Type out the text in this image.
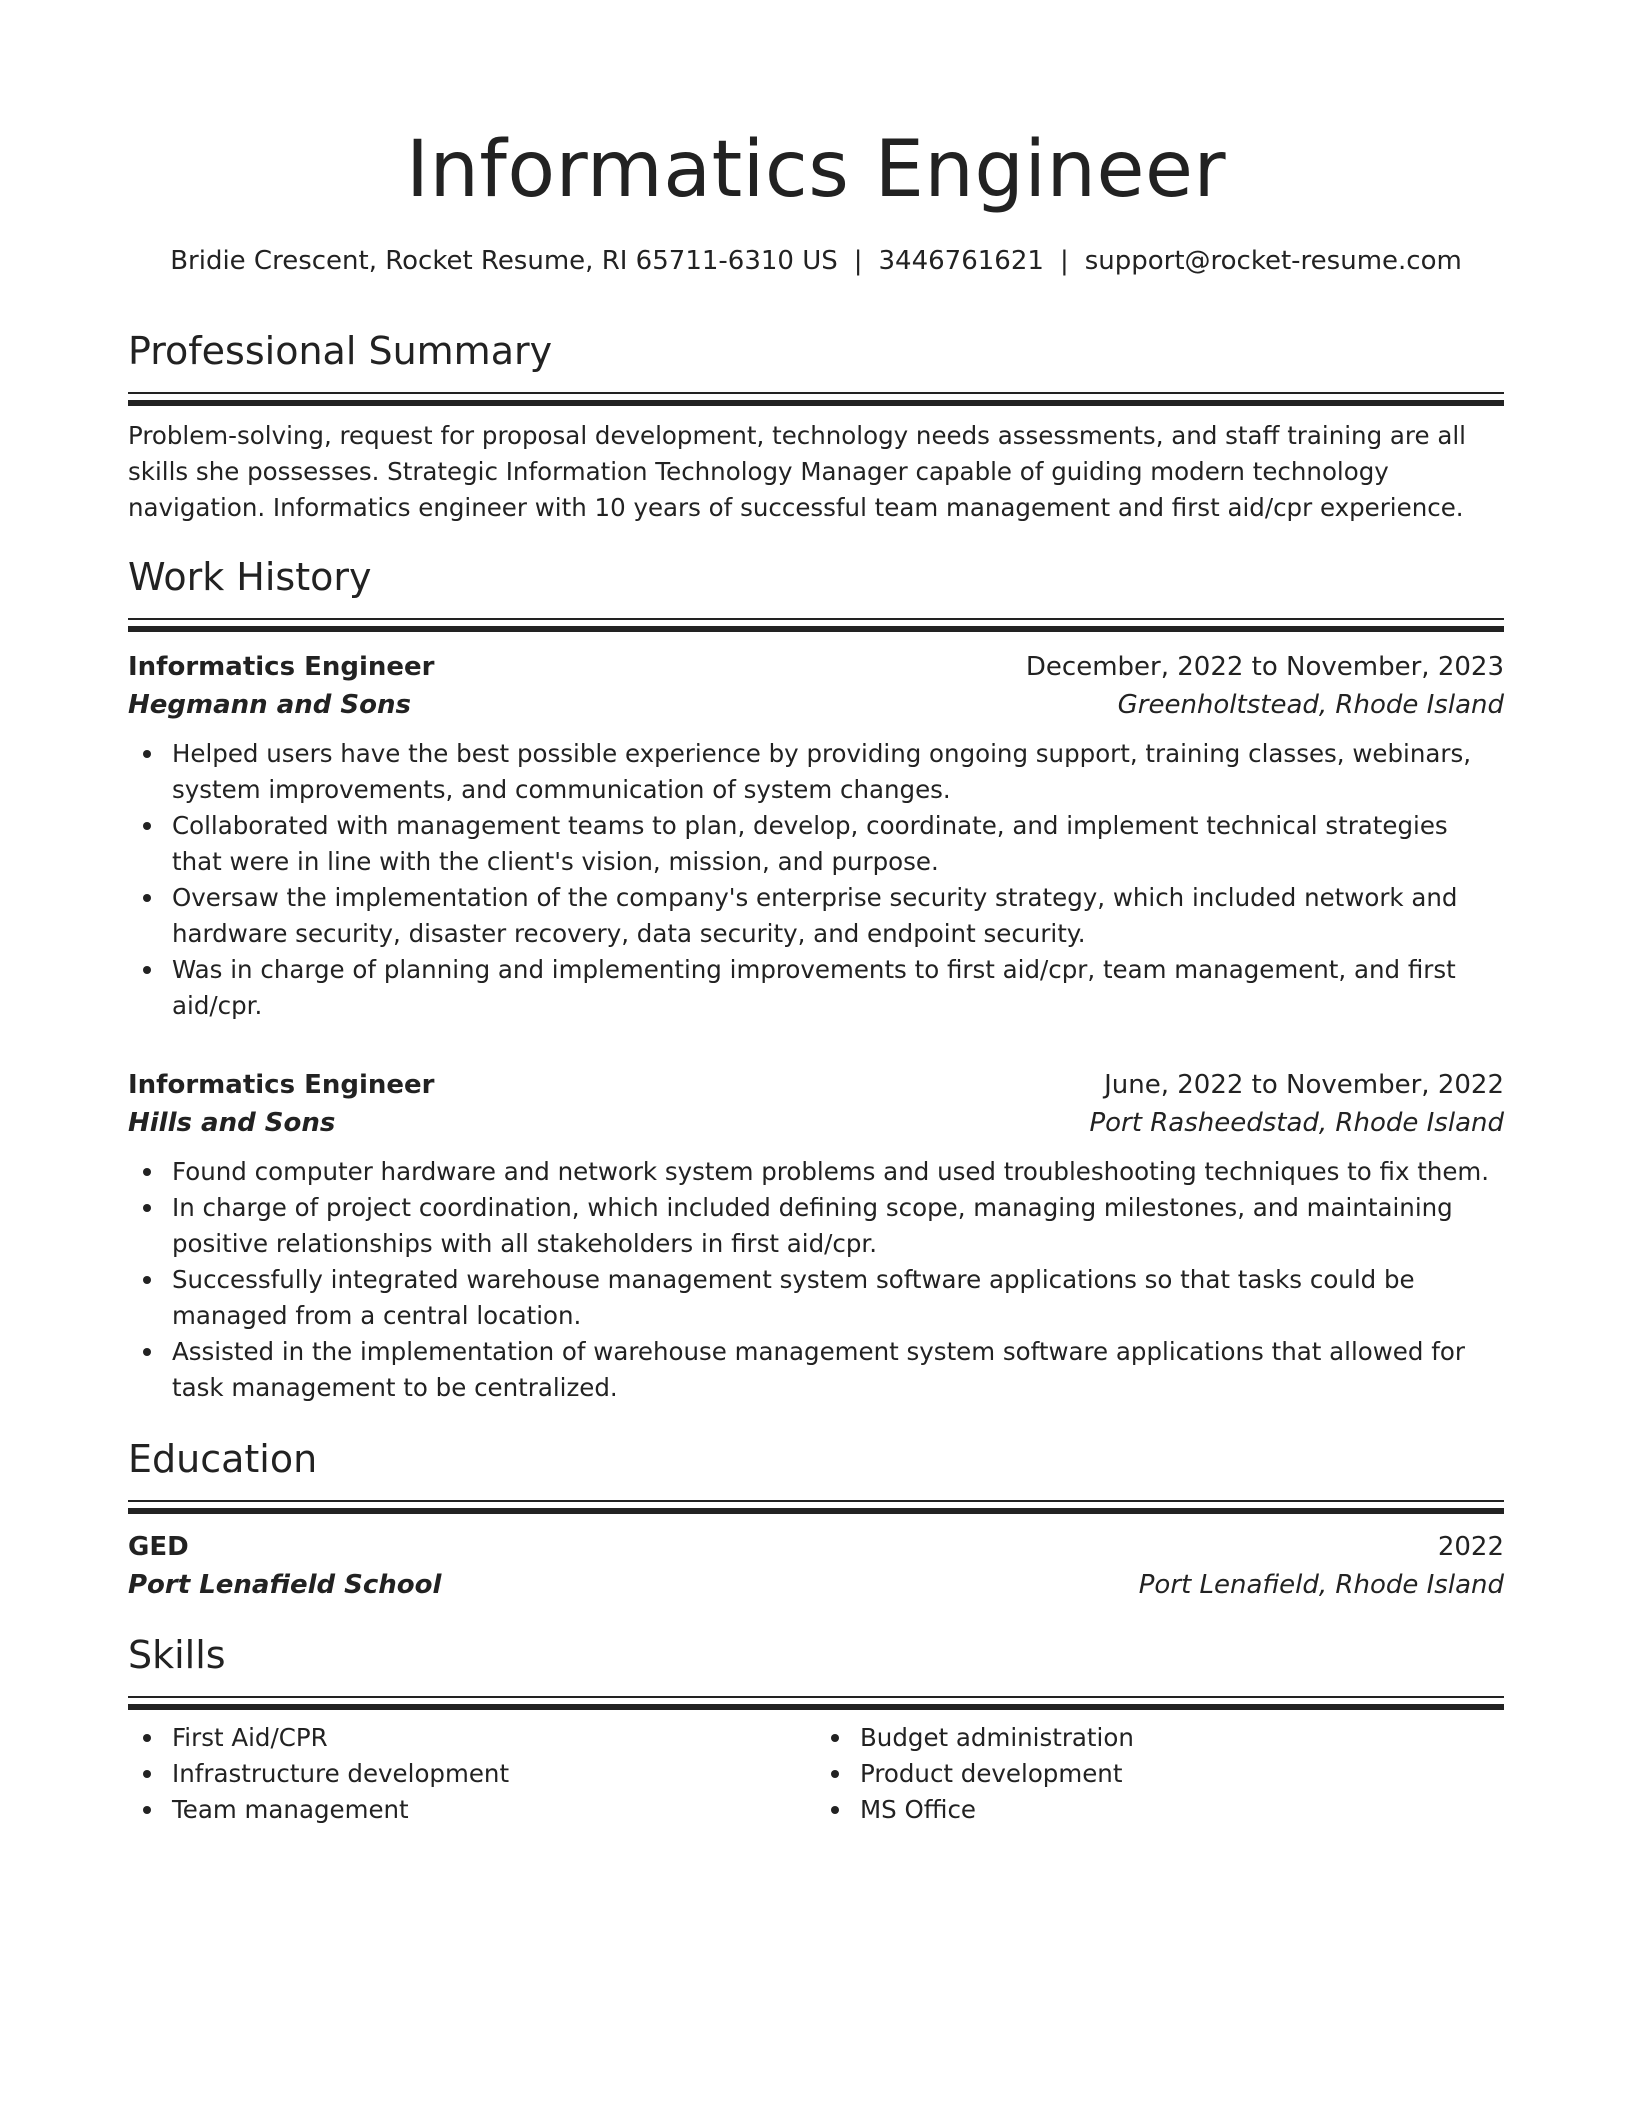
Informatics Engineer
Bridie Crescent, Rocket Resume, RI 65711-6310 US | 3446761621 | support@rocket-resume.com
Professional Summary

Problem-solving, request for proposal development, technology needs assessments, and staff training are all skills she possesses. Strategic Information Technology Manager capable of guiding modern technology navigation. Informatics engineer with 10 years of successful team management and first aid/cpr experience.

Work History
Informatics Engineer	December, 2022 to November, 2023
Hegmann and Sons	Greenholtstead, Rhode Island
Helped users have the best possible experience by providing ongoing support, training classes, webinars, system improvements, and communication of system changes.
Collaborated with management teams to plan, develop, coordinate, and implement technical strategies that were in line with the client's vision, mission, and purpose.
Oversaw the implementation of the company's enterprise security strategy, which included network and hardware security, disaster recovery, data security, and endpoint security.
Was in charge of planning and implementing improvements to first aid/cpr, team management, and first aid/cpr.
Informatics Engineer	June, 2022 to November, 2022
Hills and Sons	Port Rasheedstad, Rhode Island
Found computer hardware and network system problems and used troubleshooting techniques to fix them.
In charge of project coordination, which included defining scope, managing milestones, and maintaining positive relationships with all stakeholders in first aid/cpr.
Successfully integrated warehouse management system software applications so that tasks could be managed from a central location.
Assisted in the implementation of warehouse management system software applications that allowed for task management to be centralized.
Education
GED	2022
Port Lenafield School	Port Lenafield, Rhode Island
Skills
First Aid/CPR
Infrastructure development
Team management
Budget administration
Product development
MS Office
